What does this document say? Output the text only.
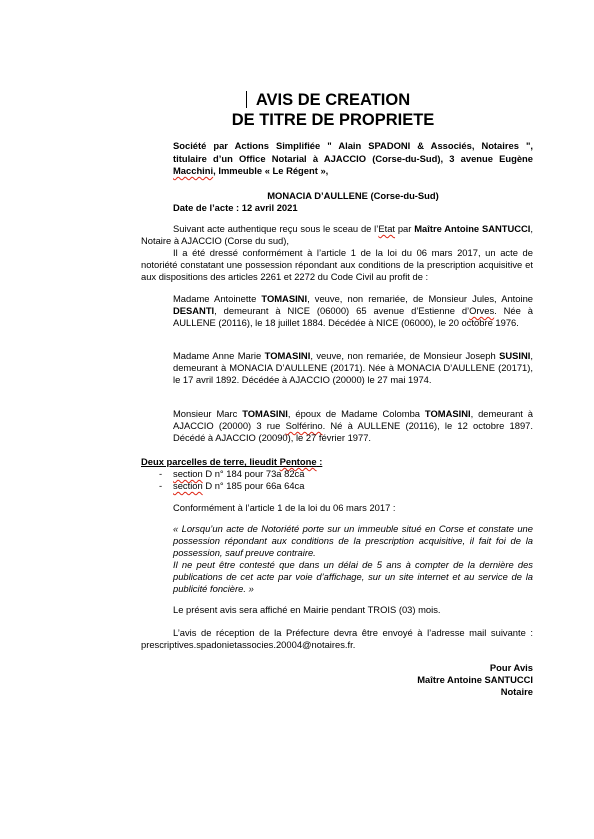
AVIS DE CREATION
DE TITRE DE PROPRIETE
Société par Actions Simplifiée " Alain SPADONI & Associés, Notaires ",
titulaire d’un Office Notarial à AJACCIO (Corse-du-Sud), 3 avenue Eugène
Macchini, Immeuble « Le Régent »,
MONACIA D’AULLENE (Corse-du-Sud)
Date de l’acte : 12 avril 2021
Suivant acte authentique reçu sous le sceau de l’Etat par Maître Antoine SANTUCCI, Notaire à AJACCIO (Corse du sud),
Il a été dressé conformément à l’article 1 de la loi du 06 mars 2017, un acte de notoriété constatant une possession répondant aux conditions de la prescription acquisitive et aux dispositions des articles 2261 et 2272 du Code Civil au profit de :
Madame Antoinette TOMASINI, veuve, non remariée, de Monsieur Jules, Antoine DESANTI, demeurant à NICE (06000) 65 avenue d’Estienne d’Orves. Née à AULLENE (20116), le 18 juillet 1884. Décédée à NICE (06000), le 20 octobre 1976.
Madame Anne Marie TOMASINI, veuve, non remariée, de Monsieur Joseph SUSINI, demeurant à MONACIA D’AULLENE (20171). Née à MONACIA D’AULLENE (20171), le 17 avril 1892. Décédée à AJACCIO (20000) le 27 mai 1974.
Monsieur Marc TOMASINI, époux de Madame Colomba TOMASINI, demeurant à AJACCIO (20000) 3 rue Solférino. Né à AULLENE (20116), le 12 octobre 1897. Décédé à AJACCIO (20090), le 27 février 1977.
Deux parcelles de terre, lieudit Pentone :
- section D n° 184 pour 73a 82ca
- section D n° 185 pour 66a 64ca
Conformément à l’article 1 de la loi du 06 mars 2017 :
« Lorsqu’un acte de Notoriété porte sur un immeuble situé en Corse et constate une possession répondant aux conditions de la prescription acquisitive, il fait foi de la possession, sauf preuve contraire.
Il ne peut être contesté que dans un délai de 5 ans à compter de la dernière des publications de cet acte par voie d’affichage, sur un site internet et au service de la publicité foncière. »
Le présent avis sera affiché en Mairie pendant TROIS (03) mois.
L’avis de réception de la Préfecture devra être envoyé à l’adresse mail suivante : prescriptives.spadonietassocies.20004@notaires.fr.
Pour Avis
Maître Antoine SANTUCCI
Notaire
